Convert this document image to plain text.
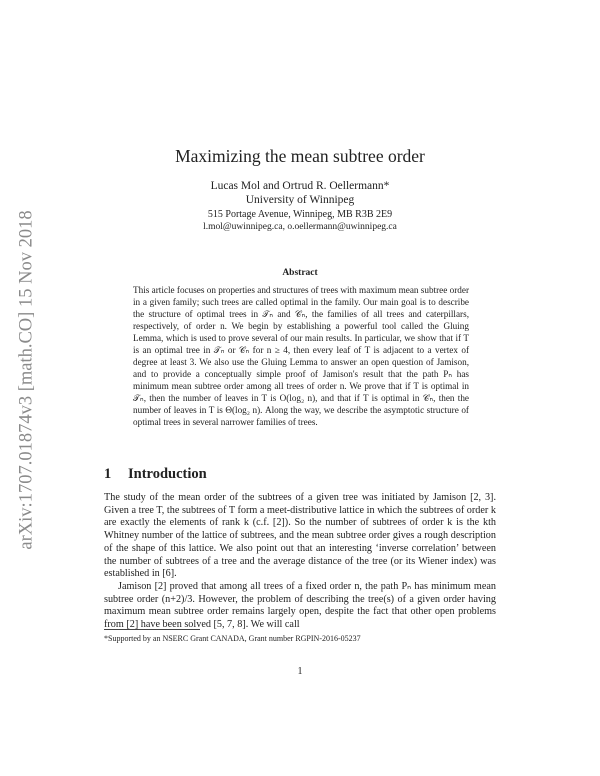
arXiv:1707.01874v3 [math.CO] 15 Nov 2018
Maximizing the mean subtree order
Lucas Mol and Ortrud R. Oellermann*
University of Winnipeg
515 Portage Avenue, Winnipeg, MB R3B 2E9
l.mol@uwinnipeg.ca, o.oellermann@uwinnipeg.ca
Abstract
This article focuses on properties and structures of trees with maximum mean subtree order in a given family; such trees are called optimal in the family. Our main goal is to describe the structure of optimal trees in 𝒯ₙ and 𝒞ₙ, the families of all trees and caterpillars, respectively, of order n. We begin by establishing a powerful tool called the Gluing Lemma, which is used to prove several of our main results. In particular, we show that if T is an optimal tree in 𝒯ₙ or 𝒞ₙ for n ≥ 4, then every leaf of T is adjacent to a vertex of degree at least 3. We also use the Gluing Lemma to answer an open question of Jamison, and to provide a conceptually simple proof of Jamison's result that the path Pₙ has minimum mean subtree order among all trees of order n. We prove that if T is optimal in 𝒯ₙ, then the number of leaves in T is O(log₂ n), and that if T is optimal in 𝒞ₙ, then the number of leaves in T is Θ(log₂ n). Along the way, we describe the asymptotic structure of optimal trees in several narrower families of trees.
1 Introduction

The study of the mean order of the subtrees of a given tree was initiated by Jamison [2, 3]. Given a tree T, the subtrees of T form a meet-distributive lattice in which the subtrees of order k are exactly the elements of rank k (c.f. [2]). So the number of subtrees of order k is the kth Whitney number of the lattice of subtrees, and the mean subtree order gives a rough description of the shape of this lattice. We also point out that an interesting ‘inverse correlation’ between the number of subtrees of a tree and the average distance of the tree (or its Wiener index) was established in [6].

Jamison [2] proved that among all trees of a fixed order n, the path Pₙ has minimum mean subtree order (n+2)/3. However, the problem of describing the tree(s) of a given order having maximum mean subtree order remains largely open, despite the fact that other open problems from [2] have been solved [5, 7, 8]. We will call

*Supported by an NSERC Grant CANADA, Grant number RGPIN-2016-05237
1
